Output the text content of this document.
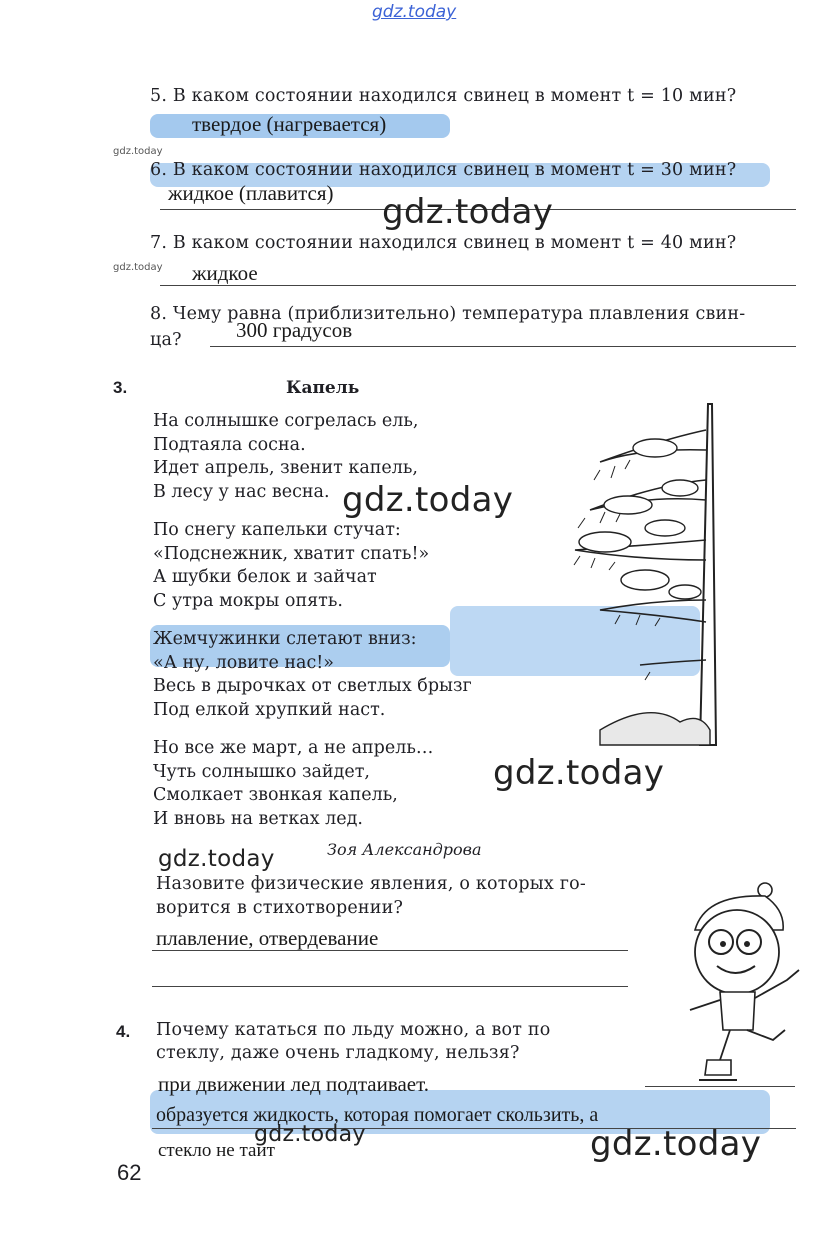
gdz.today
5. В каком состоянии находился свинец в момент t = 10 мин?
твердое (нагревается)
gdz.today
6. В каком состоянии находился свинец в момент t = 30 мин?
жидкое (плавится) gdz.today
7. В каком состоянии находился свинец в момент t = 40 мин?
gdz.today жидкое
8. Чему равна (приблизительно) температура плавления свин-
ца?	300 градусов
3.	Капель
На солнышке согрелась ель,
Подтаяла сосна.
Идет апрель, звенит капель,
В лесу у нас весна. gdz.today
По снегу капельки стучат:
«Подснежник, хватит спать!»
А шубки белок и зайчат
С утра мокры опять.
Жемчужинки слетают вниз:
«А ну, ловите нас!»
Весь в дырочках от светлых брызг
Под елкой хрупкий наст.
Но все же март, а не апрель…
Чуть солнышко зайдет,
Смолкает звонкая капель,
И вновь на ветках лед.
gdz.today
Зоя Александрова
gdz.today
Назовите физические явления, о которых го-
ворится в стихотворении?
плавление, отвердевание
4. Почему кататься по льду можно, а вот по
стеклу, даже очень гладкому, нельзя?
при движении лед подтаивает.
образуется жидкость, которая помогает скользить, а
gdz.today
стекло не таит	gdz.today
62
